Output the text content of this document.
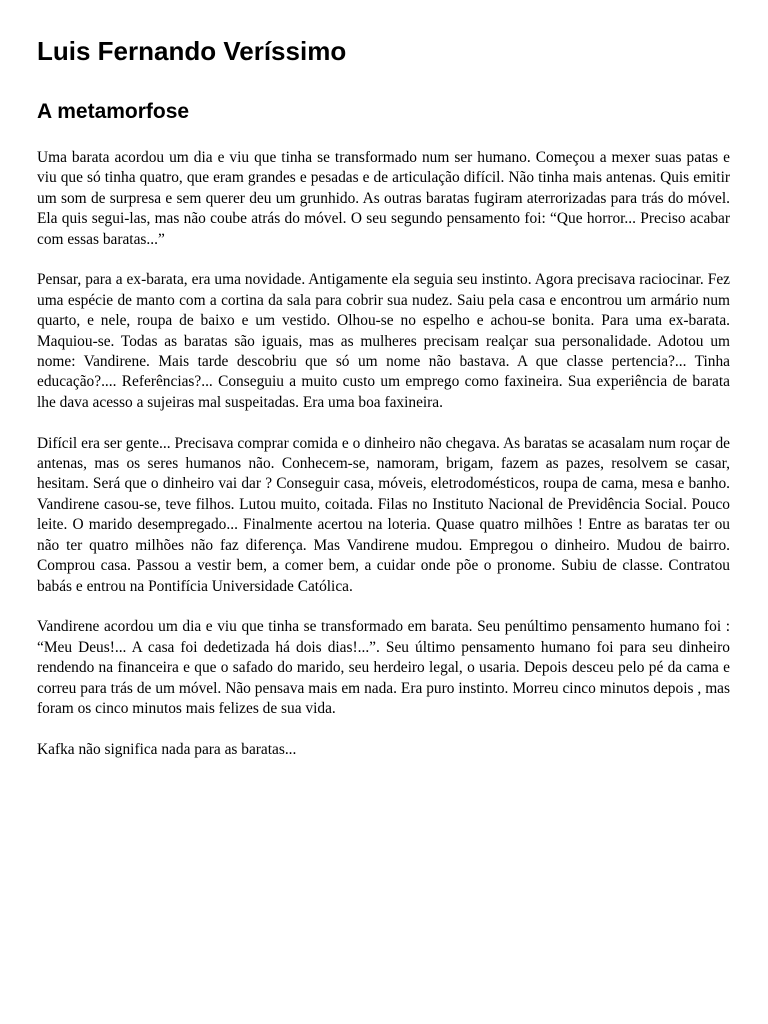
Luis Fernando Veríssimo
A metamorfose

Uma barata acordou um dia e viu que tinha se transformado num ser humano. Começou a mexer suas patas e viu que só tinha quatro, que eram grandes e pesadas e de articulação difícil. Não tinha mais antenas. Quis emitir um som de surpresa e sem querer deu um grunhido. As outras baratas fugiram aterrorizadas para trás do móvel. Ela quis segui-las, mas não coube atrás do móvel. O seu segundo pensamento foi: “Que horror... Preciso acabar com essas baratas...”

Pensar, para a ex-barata, era uma novidade. Antigamente ela seguia seu instinto. Agora precisava raciocinar. Fez uma espécie de manto com a cortina da sala para cobrir sua nudez. Saiu pela casa e encontrou um armário num quarto, e nele, roupa de baixo e um vestido. Olhou-se no espelho e achou-se bonita. Para uma ex-barata. Maquiou-se. Todas as baratas são iguais, mas as mulheres precisam realçar sua personalidade. Adotou um nome: Vandirene. Mais tarde descobriu que só um nome não bastava. A que classe pertencia?... Tinha educação?.... Referências?... Conseguiu a muito custo um emprego como faxineira. Sua experiência de barata lhe dava acesso a sujeiras mal suspeitadas. Era uma boa faxineira.

Difícil era ser gente... Precisava comprar comida e o dinheiro não chegava. As baratas se acasalam num roçar de antenas, mas os seres humanos não. Conhecem-se, namoram, brigam, fazem as pazes, resolvem se casar, hesitam. Será que o dinheiro vai dar ? Conseguir casa, móveis, eletrodomésticos, roupa de cama, mesa e banho. Vandirene casou-se, teve filhos. Lutou muito, coitada. Filas no Instituto Nacional de Previdência Social. Pouco leite. O marido desempregado... Finalmente acertou na loteria. Quase quatro milhões ! Entre as baratas ter ou não ter quatro milhões não faz diferença. Mas Vandirene mudou. Empregou o dinheiro. Mudou de bairro. Comprou casa. Passou a vestir bem, a comer bem, a cuidar onde põe o pronome. Subiu de classe. Contratou babás e entrou na Pontifícia Universidade Católica.

Vandirene acordou um dia e viu que tinha se transformado em barata. Seu penúltimo pensamento humano foi : “Meu Deus!... A casa foi dedetizada há dois dias!...”. Seu último pensamento humano foi para seu dinheiro rendendo na financeira e que o safado do marido, seu herdeiro legal, o usaria. Depois desceu pelo pé da cama e correu para trás de um móvel. Não pensava mais em nada. Era puro instinto. Morreu cinco minutos depois , mas foram os cinco minutos mais felizes de sua vida.

Kafka não significa nada para as baratas...
